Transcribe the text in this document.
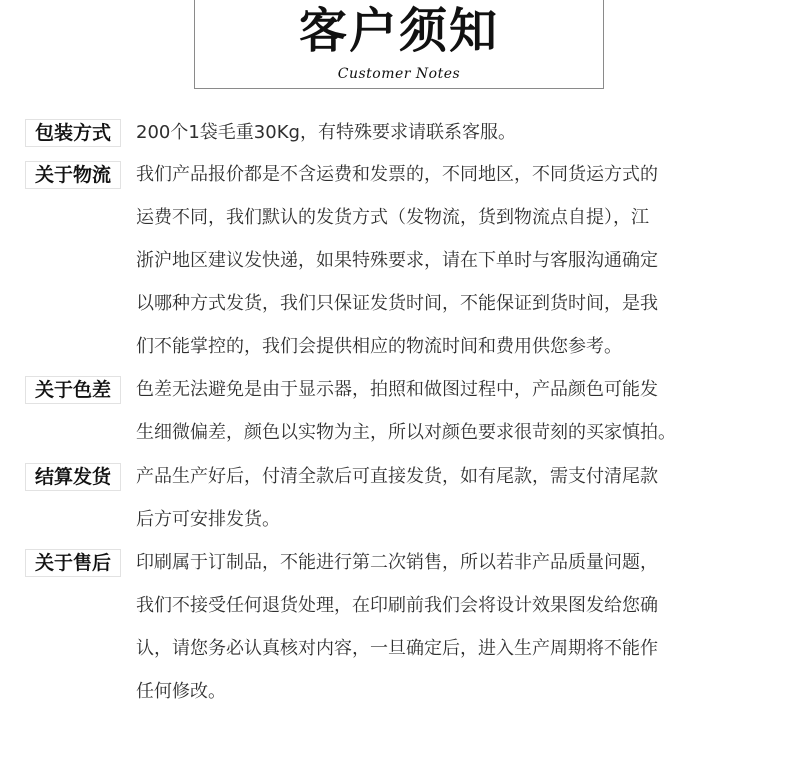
客户须知
Customer Notes
包装方式	200个1袋毛重30Kg，有特殊要求请联系客服。
关于物流	我们产品报价都是不含运费和发票的，不同地区，不同货运方式的
运费不同，我们默认的发货方式（发物流，货到物流点自提），江
浙沪地区建议发快递，如果特殊要求，请在下单时与客服沟通确定
以哪种方式发货，我们只保证发货时间，不能保证到货时间，是我
们不能掌控的，我们会提供相应的物流时间和费用供您参考。
关于色差	色差无法避免是由于显示器，拍照和做图过程中，产品颜色可能发
生细微偏差，颜色以实物为主，所以对颜色要求很苛刻的买家慎拍。
结算发货	产品生产好后，付清全款后可直接发货，如有尾款，需支付清尾款
后方可安排发货。
关于售后	印刷属于订制品，不能进行第二次销售，所以若非产品质量问题，
我们不接受任何退货处理，在印刷前我们会将设计效果图发给您确
认，请您务必认真核对内容，一旦确定后，进入生产周期将不能作
任何修改。
